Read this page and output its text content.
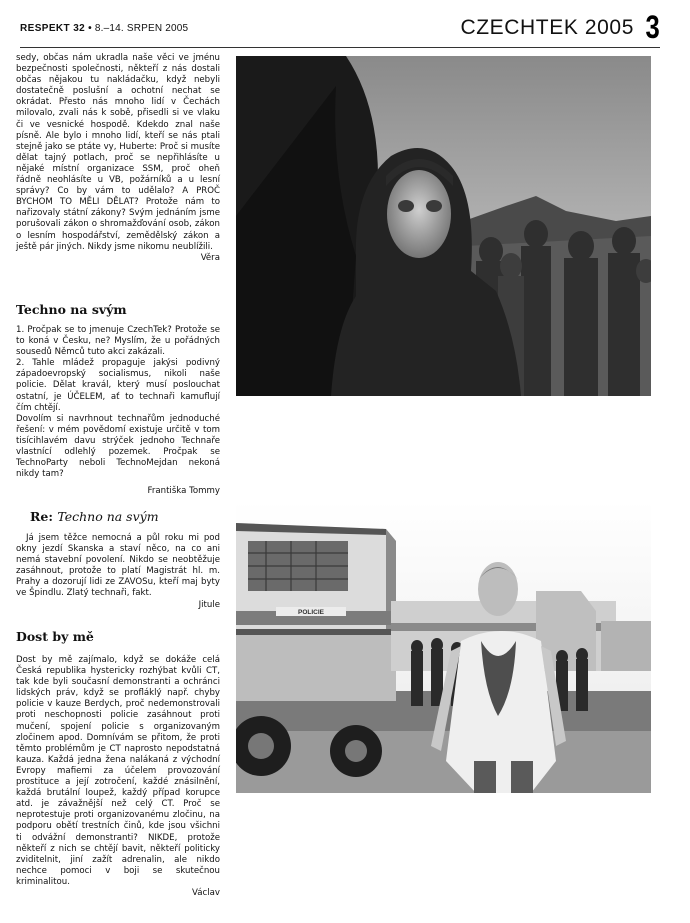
RESPEKT 32 • 8.–14. SRPEN 2005	CZECHTEK 2005 3

sedy, občas nám ukradla naše věci ve jménu bezpečnosti společnosti, někteří z nás dostali občas nějakou tu nakládačku, když nebyli dostatečně poslušní a ochotní nechat se okrádat. Přesto nás mnoho lidí v Čechách milovalo, zvali nás k sobě, přisedli si ve vlaku či ve vesnické hospodě. Kdekdo znal naše písně. Ale bylo i mnoho lidí, kteří se nás ptali stejně jako se ptáte vy, Huberte: Proč si musíte dělat tajný potlach, proč se nepřihlásíte u nějaké místní organizace SSM, proč oheň řádně neohlásíte u VB, požárníků a u lesní správy? Co by vám to udělalo? A PROČ BYCHOM TO MĚLI DĚLAT? Protože nám to nařizovaly státní zákony? Svým jednáním jsme porušovali zákon o shromažďování osob, zákon o lesním hospodářství, zemědělský zákon a ještě pár jiných. Nikdy jsme nikomu neublížili.

Věra
Techno na svým

1. Pročpak se to jmenuje CzechTek? Protože se to koná v Česku, ne? Myslím, že u pořádných sousedů Němců tuto akci zakázali.

2. Tahle mládež propaguje jakýsi podivný západoevropský socialismus, nikoli naše policie. Dělat kravál, který musí poslouchat ostatní, je ÚČELEM, ať to technaři kamuflují čím chtějí.

Dovolím si navrhnout technařům jednoduché řešení: v mém povědomí existuje určitě v tom tisícihlavém davu strýček jednoho Technaře vlastnící odlehlý pozemek. Pročpak se TechnoParty neboli TechnoMejdan nekoná nikdy tam?

Františka Tommy
Re: Techno na svým

Já jsem těžce nemocná a půl roku mi pod okny jezdí Skanska a staví něco, na co ani nemá stavební povolení. Nikdo se neobtěžuje zasáhnout, protože to platí Magistrát hl. m. Prahy a dozorují lidi ze ZAVOSu, kteří maj byty ve Špindlu. Zlatý technaři, fakt.

Jitule
Dost by mě

Dost by mě zajímalo, když se dokáže celá Česká republika hystericky rozhýbat kvůli CT, tak kde byli současní demonstranti a ochránci lidských práv, když se profláklý např. chyby policie v kauze Berdych, proč nedemonstrovali proti neschopnosti policie zasáhnout proti mučení, spojení policie s organizovaným zločinem apod. Domnívám se přitom, že proti těmto problémům je CT naprosto nepodstatná kauza. Každá jedna žena nalákaná z východní Evropy mafiemi za účelem provozování prostituce a její zotročení, každé znásilnění, každá brutální loupež, každý případ korupce atd. je závažnější než celý CT. Proč se neprotestuje proti organizovanému zločinu, na podporu obětí trestních činů, kde jsou všichni ti odvážní demonstranti? NIKDE, protože někteří z nich se chtějí bavit, někteří politicky zviditelnit, jiní zažít adrenalin, ale nikdo nechce pomoci v boji se skutečnou kriminalitou.

Václav
POLICIE
